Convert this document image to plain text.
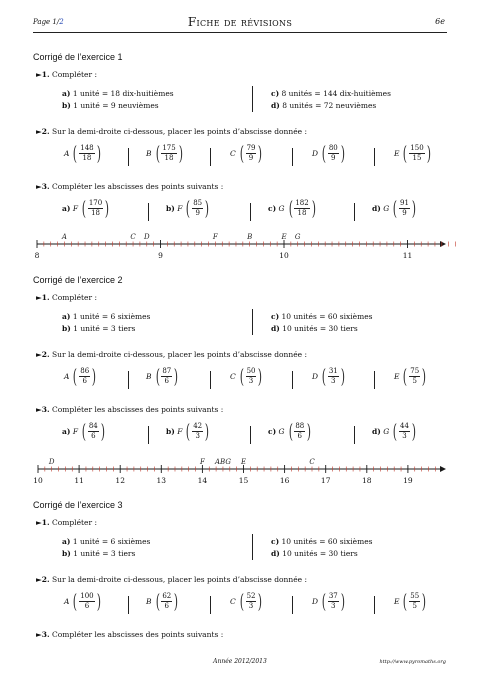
Page 1/2	Fiche de révisions	6e
Corrigé de l’exercice 1
►1. Compléter :
a) 1 unité = 18 dix-huitièmes
b) 1 unité = 9 neuvièmes
c) 8 unités = 144 dix-huitièmes
d) 8 unités = 72 neuvièmes
►2. Sur la demi-droite ci-dessous, placer les points d’abscisse donnée :
A ( $\frac{148}{18}$ )	B ( $\frac{175}{18}$ )	C ( $\frac{79}{9}$ )	D ( $\frac{80}{9}$ )	E ( $\frac{150}{15}$ )
►3. Compléter les abscisses des points suivants :
a)
F ( $\frac{170}{18}$ )	b)
F ( $\frac{85}{9}$ )	c)
G ( $\frac{182}{18}$ )	d)
G ( $\frac{91}{9}$ )
8	9	10	11
A	C D	F	B	E G
Corrigé de l’exercice 2
►1. Compléter :
a) 1 unité = 6 sixièmes
b) 1 unité = 3 tiers
c) 10 unités = 60 sixièmes
d) 10 unités = 30 tiers
►2. Sur la demi-droite ci-dessous, placer les points d’abscisse donnée :
A ( $\frac{86}{6}$ )	B ( $\frac{87}{6}$ )	C ( $\frac{50}{3}$ )	D ( $\frac{31}{3}$ )	E ( $\frac{75}{5}$ )
►3. Compléter les abscisses des points suivants :
a)
F ( $\frac{84}{6}$ )	b)
F ( $\frac{42}{3}$ )	c)
G ( $\frac{88}{6}$ )	d)
G ( $\frac{44}{3}$ )
10	11	12	13	14	15	16	17	18	19
D	F ABG E	C
Corrigé de l’exercice 3
►1. Compléter :
a) 1 unité = 6 sixièmes
b) 1 unité = 3 tiers
c) 10 unités = 60 sixièmes
d) 10 unités = 30 tiers
►2. Sur la demi-droite ci-dessous, placer les points d’abscisse donnée :
A ( $\frac{100}{6}$ )	B ( $\frac{62}{6}$ )	C ( $\frac{52}{3}$ )	D ( $\frac{37}{3}$ )	E ( $\frac{55}{5}$ )
►3. Compléter les abscisses des points suivants :
Année 2012/2013	http://www.pyromaths.org
